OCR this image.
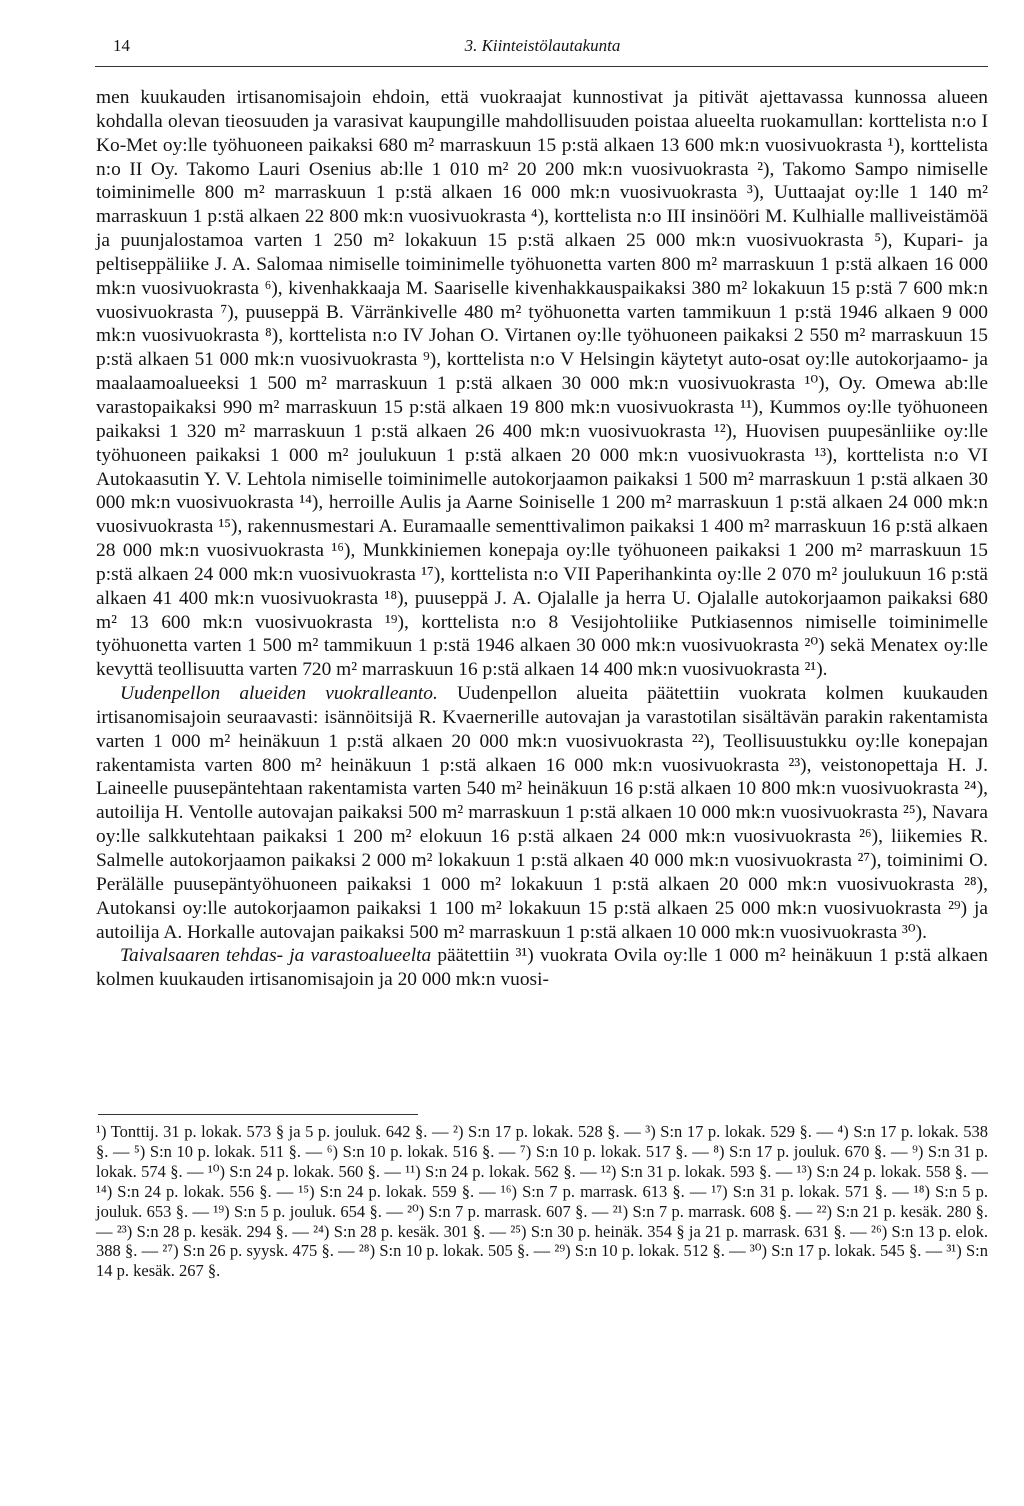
14	3. Kiinteistölautakunta

men kuukauden irtisanomisajoin ehdoin, että vuokraajat kunnostivat ja pitivät ajettavassa kunnossa alueen kohdalla olevan tieosuuden ja varasivat kaupungille mahdollisuuden poistaa alueelta ruokamullan: korttelista n:o I Ko-Met oy:lle työhuoneen paikaksi 680 m² marraskuun 15 p:stä alkaen 13 600 mk:n vuosivuokrasta ¹), korttelista n:o II Oy. Takomo Lauri Osenius ab:lle 1 010 m² 20 200 mk:n vuosivuokrasta ²), Takomo Sampo nimiselle toiminimelle 800 m² marraskuun 1 p:stä alkaen 16 000 mk:n vuosivuokrasta ³), Uuttaajat oy:lle 1 140 m² marraskuun 1 p:stä alkaen 22 800 mk:n vuosivuokrasta ⁴), korttelista n:o III insinööri M. Kulhialle malliveistämöä ja puunjalostamoa varten 1 250 m² lokakuun 15 p:stä alkaen 25 000 mk:n vuosivuokrasta ⁵), Kupari- ja peltiseppäliike J. A. Salomaa nimiselle toiminimelle työhuonetta varten 800 m² marraskuun 1 p:stä alkaen 16 000 mk:n vuosivuokrasta ⁶), kivenhakkaaja M. Saariselle kivenhakkauspaikaksi 380 m² lokakuun 15 p:stä 7 600 mk:n vuosivuokrasta ⁷), puuseppä B. Värränkivelle 480 m² työhuonetta varten tammikuun 1 p:stä 1946 alkaen 9 000 mk:n vuosivuokrasta ⁸), korttelista n:o IV Johan O. Virtanen oy:lle työhuoneen paikaksi 2 550 m² marraskuun 15 p:stä alkaen 51 000 mk:n vuosivuokrasta ⁹), korttelista n:o V Helsingin käytetyt auto-osat oy:lle autokorjaamo- ja maalaamoalueeksi 1 500 m² marraskuun 1 p:stä alkaen 30 000 mk:n vuosivuokrasta ¹⁰), Oy. Omewa ab:lle varastopaikaksi 990 m² marraskuun 15 p:stä alkaen 19 800 mk:n vuosivuokrasta ¹¹), Kummos oy:lle työhuoneen paikaksi 1 320 m² marraskuun 1 p:stä alkaen 26 400 mk:n vuosivuokrasta ¹²), Huovisen puupesänliike oy:lle työhuoneen paikaksi 1 000 m² joulukuun 1 p:stä alkaen 20 000 mk:n vuosivuokrasta ¹³), korttelista n:o VI Autokaasutin Y. V. Lehtola nimiselle toiminimelle autokorjaamon paikaksi 1 500 m² marraskuun 1 p:stä alkaen 30 000 mk:n vuosivuokrasta ¹⁴), herroille Aulis ja Aarne Soiniselle 1 200 m² marraskuun 1 p:stä alkaen 24 000 mk:n vuosivuokrasta ¹⁵), rakennusmestari A. Euramaalle sementtivalimon paikaksi 1 400 m² marraskuun 16 p:stä alkaen 28 000 mk:n vuosivuokrasta ¹⁶), Munkkiniemen konepaja oy:lle työhuoneen paikaksi 1 200 m² marraskuun 15 p:stä alkaen 24 000 mk:n vuosivuokrasta ¹⁷), korttelista n:o VII Paperihankinta oy:lle 2 070 m² joulukuun 16 p:stä alkaen 41 400 mk:n vuosivuokrasta ¹⁸), puuseppä J. A. Ojalalle ja herra U. Ojalalle autokorjaamon paikaksi 680 m² 13 600 mk:n vuosivuokrasta ¹⁹), korttelista n:o 8 Vesijohtoliike Putkiasennos nimiselle toiminimelle työhuonetta varten 1 500 m² tammikuun 1 p:stä 1946 alkaen 30 000 mk:n vuosivuokrasta ²⁰) sekä Menatex oy:lle kevyttä teollisuutta varten 720 m² marraskuun 16 p:stä alkaen 14 400 mk:n vuosivuokrasta ²¹).

Uudenpellon alueiden vuokralleanto. Uudenpellon alueita päätettiin vuokrata kolmen kuukauden irtisanomisajoin seuraavasti: isännöitsijä R. Kvaernerille autovajan ja varastotilan sisältävän parakin rakentamista varten 1 000 m² heinäkuun 1 p:stä alkaen 20 000 mk:n vuosivuokrasta ²²), Teollisuustukku oy:lle konepajan rakentamista varten 800 m² heinäkuun 1 p:stä alkaen 16 000 mk:n vuosivuokrasta ²³), veistonopettaja H. J. Laineelle puusepäntehtaan rakentamista varten 540 m² heinäkuun 16 p:stä alkaen 10 800 mk:n vuosivuokrasta ²⁴), autoilija H. Ventolle autovajan paikaksi 500 m² marraskuun 1 p:stä alkaen 10 000 mk:n vuosivuokrasta ²⁵), Navara oy:lle salkkutehtaan paikaksi 1 200 m² elokuun 16 p:stä alkaen 24 000 mk:n vuosivuokrasta ²⁶), liikemies R. Salmelle autokorjaamon paikaksi 2 000 m² lokakuun 1 p:stä alkaen 40 000 mk:n vuosivuokrasta ²⁷), toiminimi O. Perälälle puusepäntyöhuoneen paikaksi 1 000 m² lokakuun 1 p:stä alkaen 20 000 mk:n vuosivuokrasta ²⁸), Autokansi oy:lle autokorjaamon paikaksi 1 100 m² lokakuun 15 p:stä alkaen 25 000 mk:n vuosivuokrasta ²⁹) ja autoilija A. Horkalle autovajan paikaksi 500 m² marraskuun 1 p:stä alkaen 10 000 mk:n vuosivuokrasta ³⁰).

Taivalsaaren tehdas- ja varastoalueelta päätettiin ³¹) vuokrata Ovila oy:lle 1 000 m² heinäkuun 1 p:stä alkaen kolmen kuukauden irtisanomisajoin ja 20 000 mk:n vuosi-

¹) Tonttij. 31 p. lokak. 573 § ja 5 p. jouluk. 642 §. — ²) S:n 17 p. lokak. 528 §. — ³) S:n 17 p. lokak. 529 §. — ⁴) S:n 17 p. lokak. 538 §. — ⁵) S:n 10 p. lokak. 511 §. — ⁶) S:n 10 p. lokak. 516 §. — ⁷) S:n 10 p. lokak. 517 §. — ⁸) S:n 17 p. jouluk. 670 §. — ⁹) S:n 31 p. lokak. 574 §. — ¹⁰) S:n 24 p. lokak. 560 §. — ¹¹) S:n 24 p. lokak. 562 §. — ¹²) S:n 31 p. lokak. 593 §. — ¹³) S:n 24 p. lokak. 558 §. — ¹⁴) S:n 24 p. lokak. 556 §. — ¹⁵) S:n 24 p. lokak. 559 §. — ¹⁶) S:n 7 p. marrask. 613 §. — ¹⁷) S:n 31 p. lokak. 571 §. — ¹⁸) S:n 5 p. jouluk. 653 §. — ¹⁹) S:n 5 p. jouluk. 654 §. — ²⁰) S:n 7 p. marrask. 607 §. — ²¹) S:n 7 p. marrask. 608 §. — ²²) S:n 21 p. kesäk. 280 §. — ²³) S:n 28 p. kesäk. 294 §. — ²⁴) S:n 28 p. kesäk. 301 §. — ²⁵) S:n 30 p. heinäk. 354 § ja 21 p. marrask. 631 §. — ²⁶) S:n 13 p. elok. 388 §. — ²⁷) S:n 26 p. syysk. 475 §. — ²⁸) S:n 10 p. lokak. 505 §. — ²⁹) S:n 10 p. lokak. 512 §. — ³⁰) S:n 17 p. lokak. 545 §. — ³¹) S:n 14 p. kesäk. 267 §.
